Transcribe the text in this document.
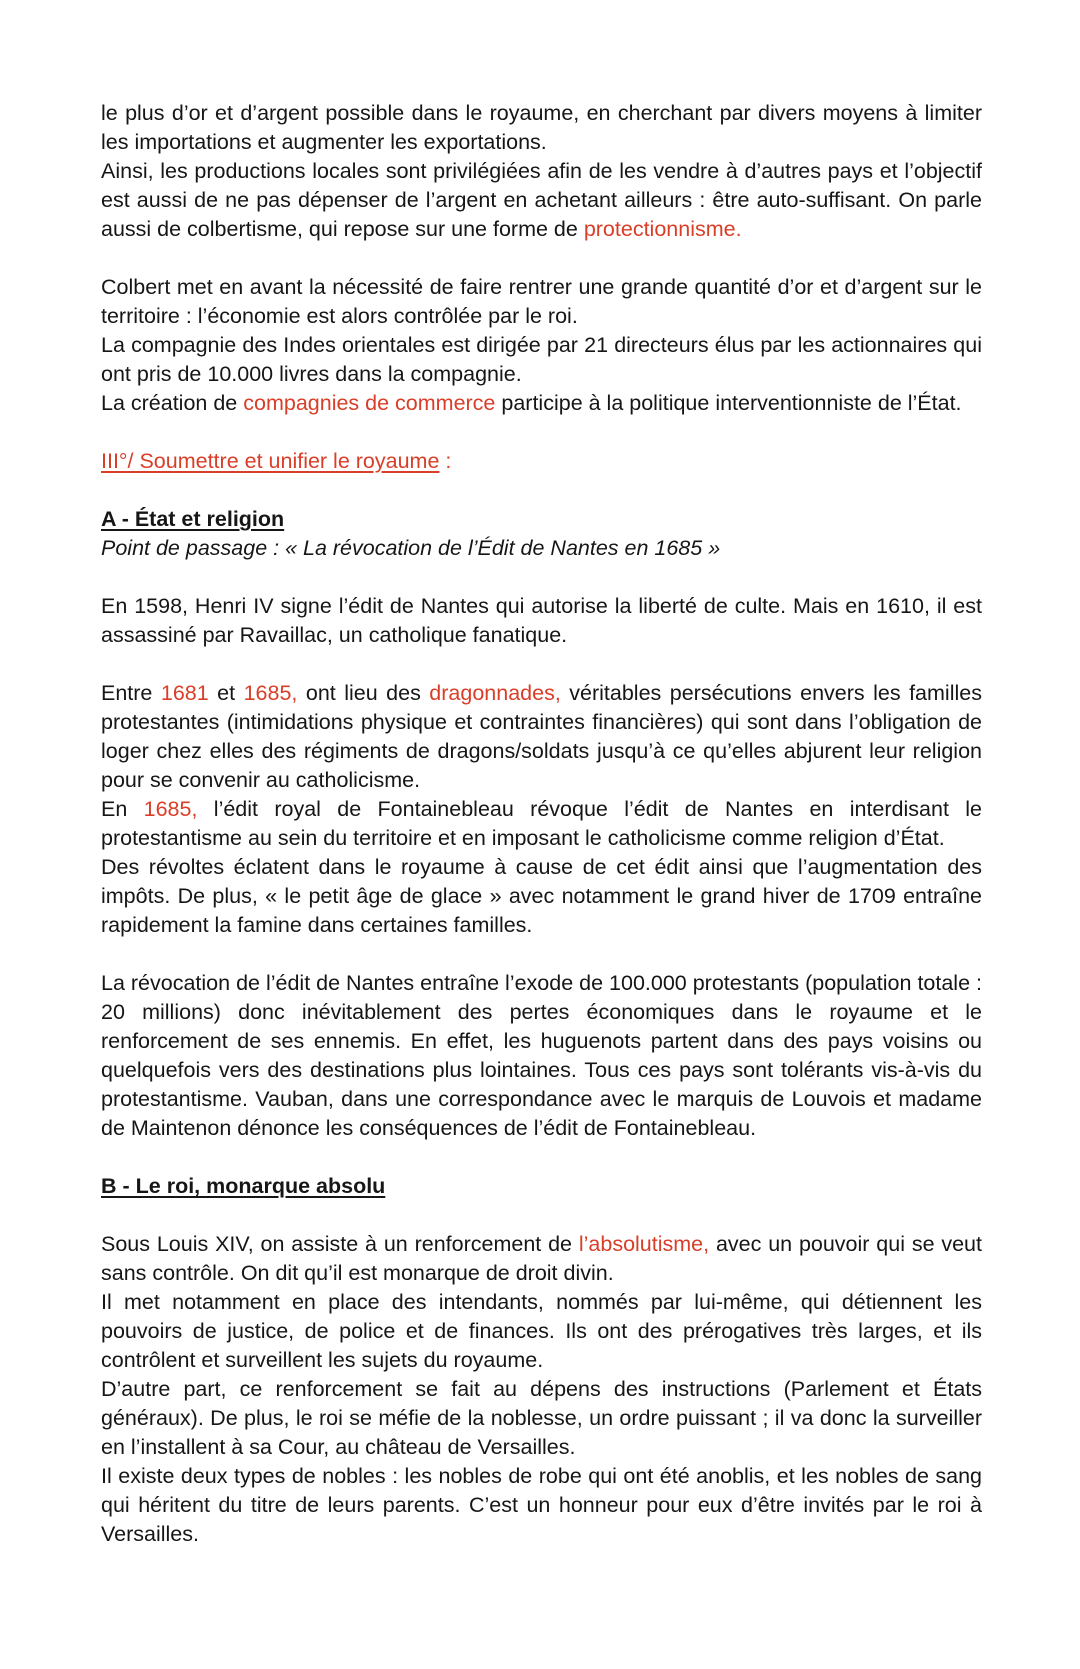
le plus d’or et d’argent possible dans le royaume, en cherchant par divers moyens à limiter les importations et augmenter les exportations.

Ainsi, les productions locales sont privilégiées afin de les vendre à d’autres pays et l’objectif est aussi de ne pas dépenser de l’argent en achetant ailleurs : être auto-suffisant. On parle aussi de colbertisme, qui repose sur une forme de protectionnisme.

Colbert met en avant la nécessité de faire rentrer une grande quantité d’or et d’argent sur le territoire : l’économie est alors contrôlée par le roi.

La compagnie des Indes orientales est dirigée par 21 directeurs élus par les actionnaires qui ont pris de 10.000 livres dans la compagnie.

La création de compagnies de commerce participe à la politique interventionniste de l’État.

III°/ Soumettre et unifier le royaume :

A - État et religion

Point de passage : « La révocation de l’Édit de Nantes en 1685 »

En 1598, Henri IV signe l’édit de Nantes qui autorise la liberté de culte. Mais en 1610, il est assassiné par Ravaillac, un catholique fanatique.

Entre 1681 et 1685, ont lieu des dragonnades, véritables persécutions envers les familles protestantes (intimidations physique et contraintes financières) qui sont dans l’obligation de loger chez elles des régiments de dragons/soldats jusqu’à ce qu’elles abjurent leur religion pour se convenir au catholicisme.

En 1685, l’édit royal de Fontainebleau révoque l’édit de Nantes en interdisant le protestantisme au sein du territoire et en imposant le catholicisme comme religion d’État.

Des révoltes éclatent dans le royaume à cause de cet édit ainsi que l’augmentation des impôts. De plus, « le petit âge de glace » avec notamment le grand hiver de 1709 entraîne rapidement la famine dans certaines familles.

La révocation de l’édit de Nantes entraîne l’exode de 100.000 protestants (population totale : 20 millions) donc inévitablement des pertes économiques dans le royaume et le renforcement de ses ennemis. En effet, les huguenots partent dans des pays voisins ou quelquefois vers des destinations plus lointaines. Tous ces pays sont tolérants vis-à-vis du protestantisme. Vauban, dans une correspondance avec le marquis de Louvois et madame de Maintenon dénonce les conséquences de l’édit de Fontainebleau.

B - Le roi, monarque absolu

Sous Louis XIV, on assiste à un renforcement de l’absolutisme, avec un pouvoir qui se veut sans contrôle. On dit qu’il est monarque de droit divin.

Il met notamment en place des intendants, nommés par lui-même, qui détiennent les pouvoirs de justice, de police et de finances. Ils ont des prérogatives très larges, et ils contrôlent et surveillent les sujets du royaume.

D’autre part, ce renforcement se fait au dépens des instructions (Parlement et États généraux). De plus, le roi se méfie de la noblesse, un ordre puissant ; il va donc la surveiller en l’installent à sa Cour, au château de Versailles.

Il existe deux types de nobles : les nobles de robe qui ont été anoblis, et les nobles de sang qui héritent du titre de leurs parents. C’est un honneur pour eux d’être invités par le roi à Versailles.
